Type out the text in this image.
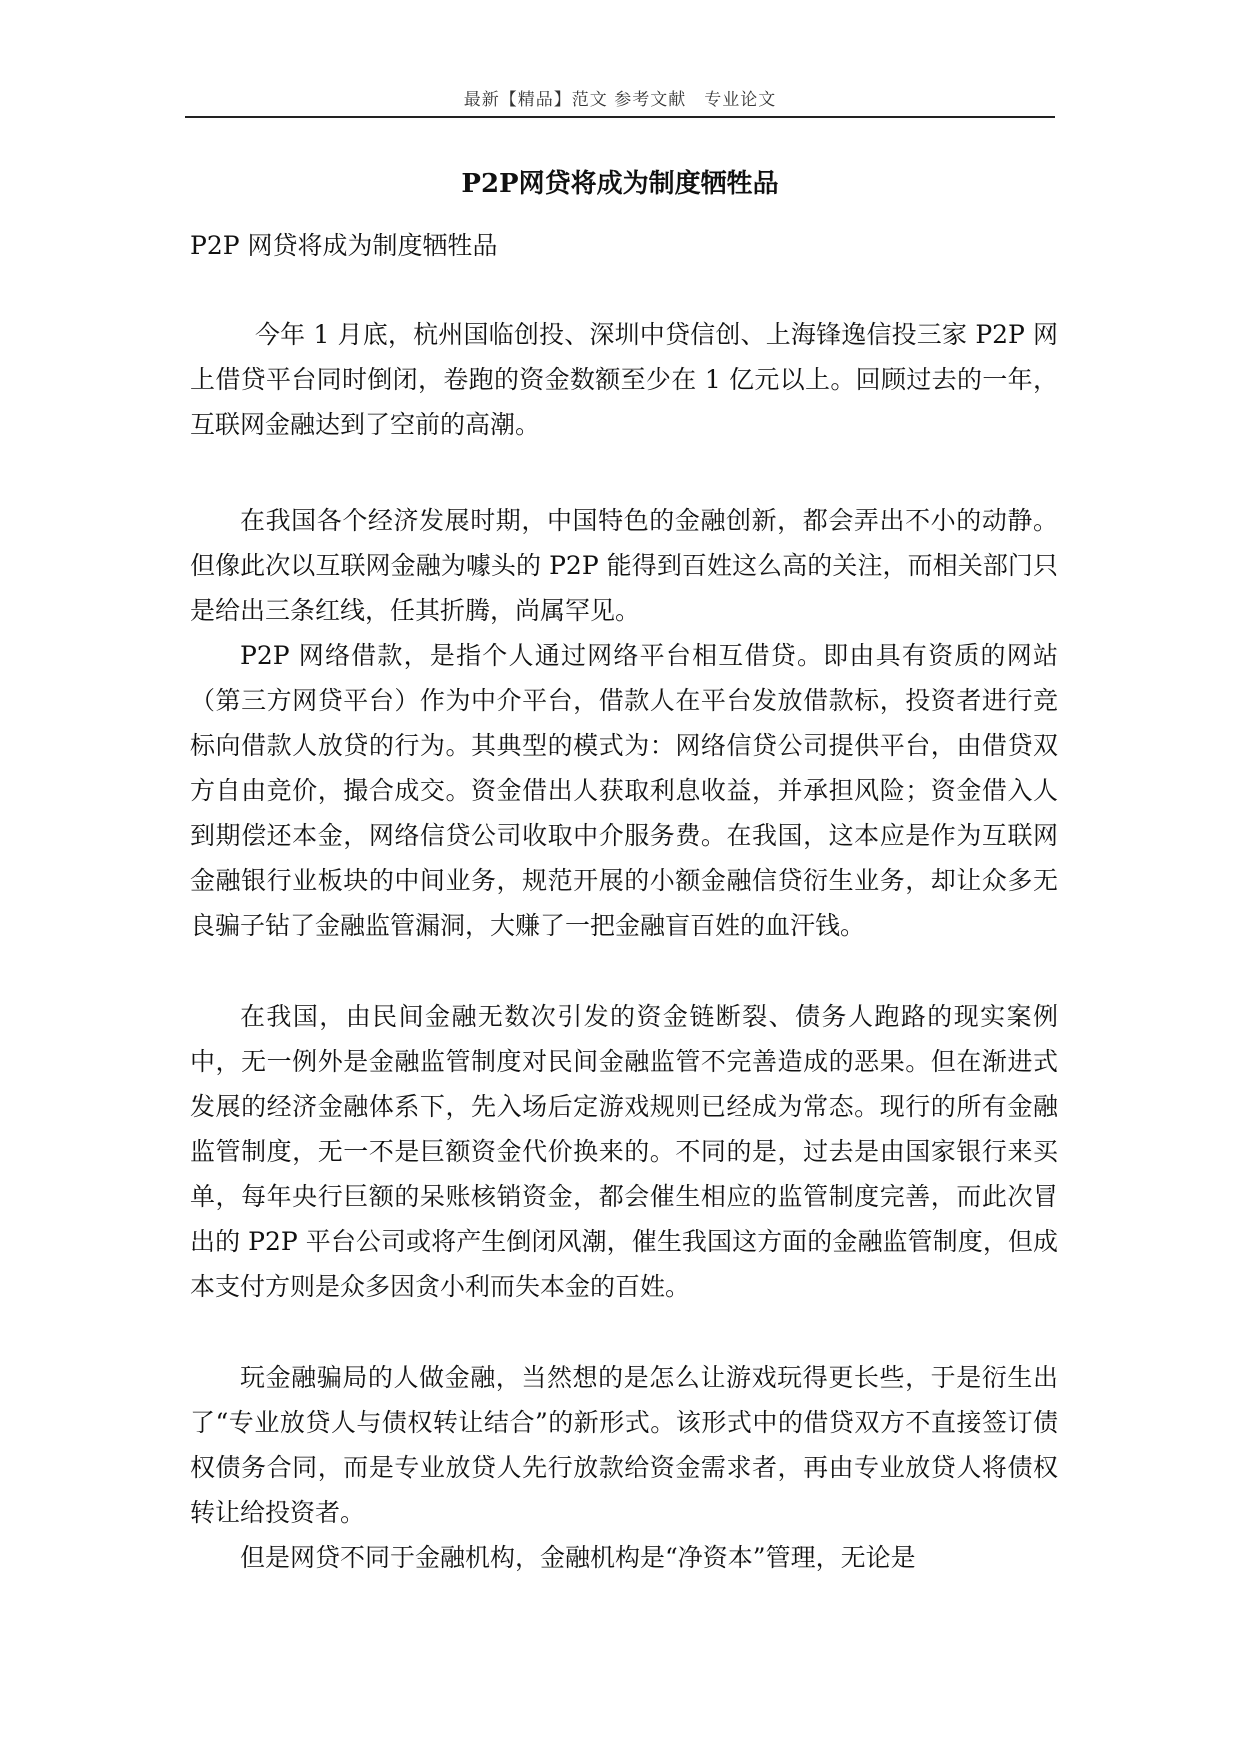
最新【精品】范文 参考文献　专业论文
P2P网贷将成为制度牺牲品
P2P 网贷将成为制度牺牲品

今年 1 月底，杭州国临创投、深圳中贷信创、上海锋逸信投三家 P2P 网上借贷平台同时倒闭，卷跑的资金数额至少在 1 亿元以上。回顾过去的一年，互联网金融达到了空前的高潮。

在我国各个经济发展时期，中国特色的金融创新，都会弄出不小的动静。但像此次以互联网金融为噱头的 P2P 能得到百姓这么高的关注，而相关部门只是给出三条红线，任其折腾，尚属罕见。

P2P 网络借款，是指个人通过网络平台相互借贷。即由具有资质的网站（第三方网贷平台）作为中介平台，借款人在平台发放借款标，投资者进行竞标向借款人放贷的行为。其典型的模式为：网络信贷公司提供平台，由借贷双方自由竞价，撮合成交。资金借出人获取利息收益，并承担风险；资金借入人到期偿还本金，网络信贷公司收取中介服务费。在我国，这本应是作为互联网金融银行业板块的中间业务，规范开展的小额金融信贷衍生业务，却让众多无良骗子钻了金融监管漏洞，大赚了一把金融盲百姓的血汗钱。

在我国，由民间金融无数次引发的资金链断裂、债务人跑路的现实案例中，无一例外是金融监管制度对民间金融监管不完善造成的恶果。但在渐进式发展的经济金融体系下，先入场后定游戏规则已经成为常态。现行的所有金融监管制度，无一不是巨额资金代价换来的。不同的是，过去是由国家银行来买单，每年央行巨额的呆账核销资金，都会催生相应的监管制度完善，而此次冒出的 P2P 平台公司或将产生倒闭风潮，催生我国这方面的金融监管制度，但成本支付方则是众多因贪小利而失本金的百姓。

玩金融骗局的人做金融，当然想的是怎么让游戏玩得更长些，于是衍生出了“专业放贷人与债权转让结合”的新形式。该形式中的借贷双方不直接签订债权债务合同，而是专业放贷人先行放款给资金需求者，再由专业放贷人将债权转让给投资者。

但是网贷不同于金融机构，金融机构是“净资本”管理，无论是
